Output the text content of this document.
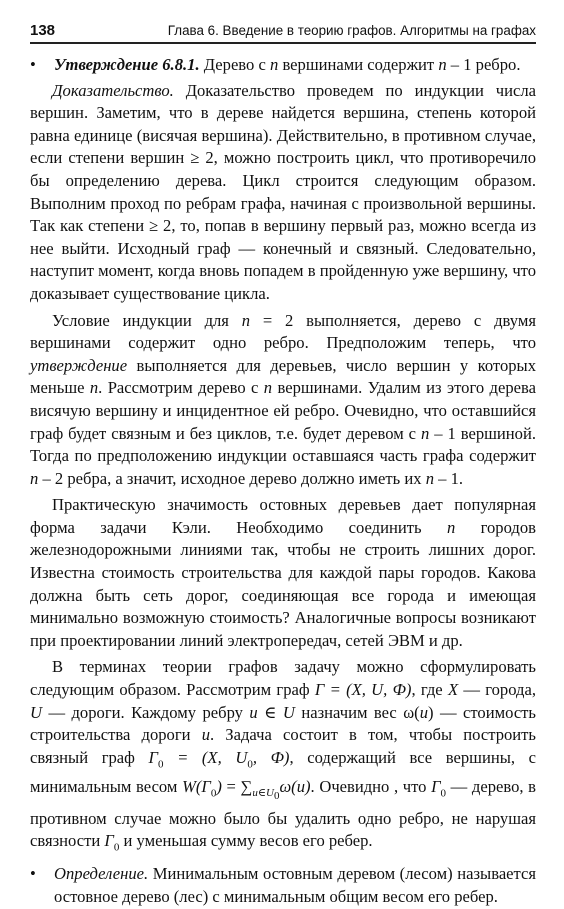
138	Глава 6. Введение в теорию графов. Алгоритмы на графах

• Утверждение 6.8.1. Дерево с n вершинами содержит n – 1 ребро.

Доказательство. Доказательство проведем по индукции числа вершин. Заметим, что в дереве найдется вершина, степень которой равна единице (висячая вершина). Действительно, в противном случае, если степени вершин ≥ 2, можно построить цикл, что противоречило бы определению дерева. Цикл строится следующим образом. Выполним проход по ребрам графа, начиная с произвольной вершины. Так как степени ≥ 2, то, попав в вершину первый раз, можно всегда из нее выйти. Исходный граф — конечный и связный. Следовательно, наступит момент, когда вновь попадем в пройденную уже вершину, что доказывает существование цикла.

Условие индукции для n = 2 выполняется, дерево с двумя вершинами содержит одно ребро. Предположим теперь, что утверждение выполняется для деревьев, число вершин у которых меньше n. Рассмотрим дерево с n вершинами. Удалим из этого дерева висячую вершину и инцидентное ей ребро. Очевидно, что оставшийся граф будет связным и без циклов, т.е. будет деревом с n – 1 вершиной. Тогда по предположению индукции оставшаяся часть графа содержит n – 2 ребра, а значит, исходное дерево должно иметь их n – 1.

Практическую значимость остовных деревьев дает популярная форма задачи Кэли. Необходимо соединить n городов железнодорожными линиями так, чтобы не строить лишних дорог. Известна стоимость строительства для каждой пары городов. Какова должна быть сеть дорог, соединяющая все города и имеющая минимально возможную стоимость? Аналогичные вопросы возникают при проектировании линий электропередач, сетей ЭВМ и др.

В терминах теории графов задачу можно сформулировать следующим образом. Рассмотрим граф Г = (X, U, Ф), где X — города, U — дороги. Каждому ребру u ∈ U назначим вес ω(u) — стоимость строительства дороги u. Задача состоит в том, чтобы построить связный граф $Г_0 = (X$, $U_0$, Ф), содержащий все вершины, с минимальным весом $W(Г_0) = \sum_{u\in U_0}\omega(u)$. Очевидно , что $Г_0$ — дерево, в противном случае можно было бы удалить одно ребро, не нарушая связности $Г_0$ и уменьшая сумму весов его ребер.

• Определение. Минимальным остовным деревом (лесом) называется остовное дерево (лес) с минимальным общим весом его ребер.
